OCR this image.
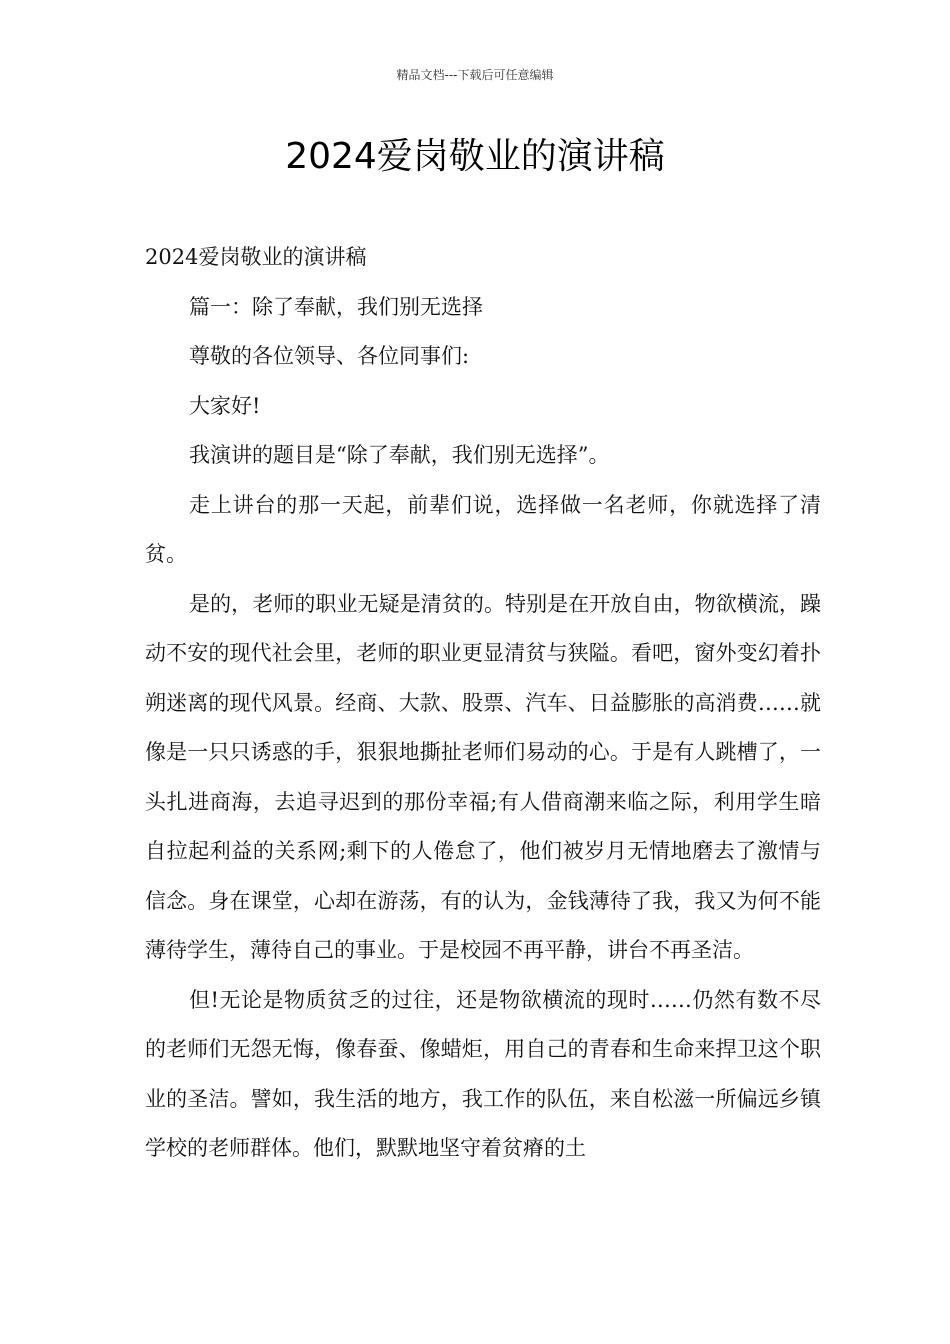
精品文档---下载后可任意编辑
2024爱岗敬业的演讲稿

2024爱岗敬业的演讲稿

篇一：除了奉献，我们别无选择

尊敬的各位领导、各位同事们:

大家好!

我演讲的题目是“除了奉献，我们别无选择”。

走上讲台的那一天起，前辈们说，选择做一名老师，你就选择了清贫。

是的，老师的职业无疑是清贫的。特别是在开放自由，物欲横流，躁动不安的现代社会里，老师的职业更显清贫与狭隘。看吧，窗外变幻着扑朔迷离的现代风景。经商、大款、股票、汽车、日益膨胀的高消费……就像是一只只诱惑的手，狠狠地撕扯老师们易动的心。于是有人跳槽了，一头扎进商海，去追寻迟到的那份幸福;有人借商潮来临之际，利用学生暗自拉起利益的关系网;剩下的人倦怠了，他们被岁月无情地磨去了激情与信念。身在课堂，心却在游荡，有的认为，金钱薄待了我，我又为何不能薄待学生，薄待自己的事业。于是校园不再平静，讲台不再圣洁。

但!无论是物质贫乏的过往，还是物欲横流的现时……仍然有数不尽的老师们无怨无悔，像春蚕、像蜡炬，用自己的青春和生命来捍卫这个职业的圣洁。譬如，我生活的地方，我工作的队伍，来自松滋一所偏远乡镇学校的老师群体。他们，默默地坚守着贫瘠的土
